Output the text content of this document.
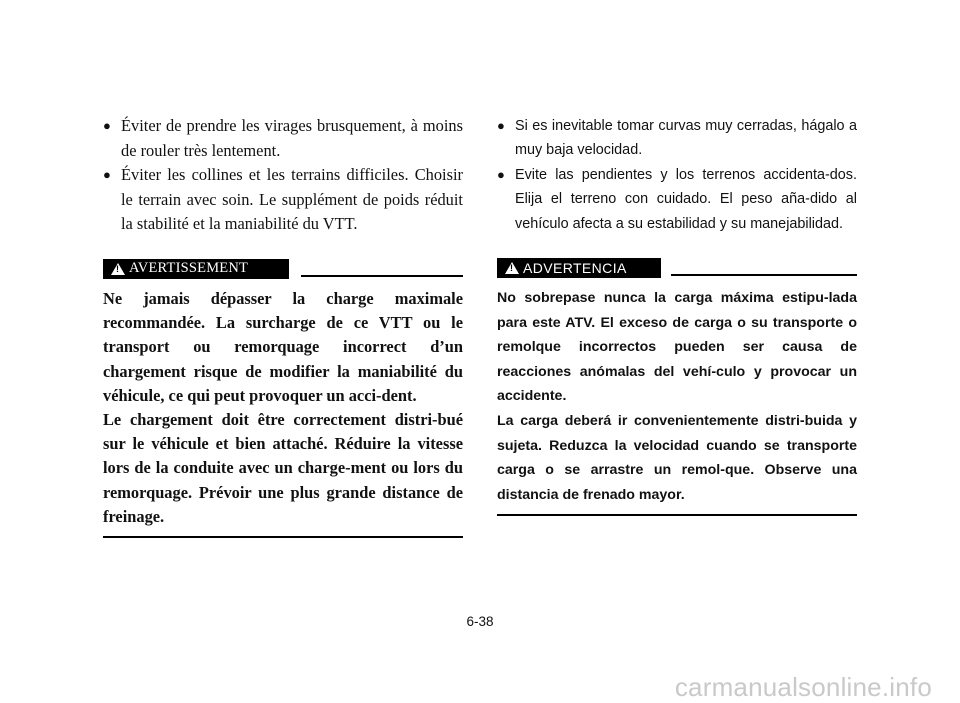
● Éviter de prendre les virages brusquement, à moins de rouler très lentement.
● Éviter les collines et les terrains difficiles. Choisir le terrain avec soin. Le supplément de poids réduit la stabilité et la maniabilité du VTT.
!
AVERTISSEMENT

Ne jamais dépasser la charge maximale recommandée. La surcharge de ce VTT ou le transport ou remorquage incorrect d’un chargement risque de modifier la maniabilité du véhicule, ce qui peut provoquer un acci-dent.

Le chargement doit être correctement distri-bué sur le véhicule et bien attaché. Réduire la vitesse lors de la conduite avec un charge-ment ou lors du remorquage. Prévoir une plus grande distance de freinage.

● Si es inevitable tomar curvas muy cerradas, hágalo a muy baja velocidad.
● Evite las pendientes y los terrenos accidenta-dos. Elija el terreno con cuidado. El peso aña-dido al vehículo afecta a su estabilidad y su manejabilidad.
!
ADVERTENCIA

No sobrepase nunca la carga máxima estipu-lada para este ATV. El exceso de carga o su transporte o remolque incorrectos pueden ser causa de reacciones anómalas del vehí-culo y provocar un accidente.

La carga deberá ir convenientemente distri-buida y sujeta. Reduzca la velocidad cuando se transporte carga o se arrastre un remol-que. Observe una distancia de frenado mayor.

6-38
carmanualsonline.info
